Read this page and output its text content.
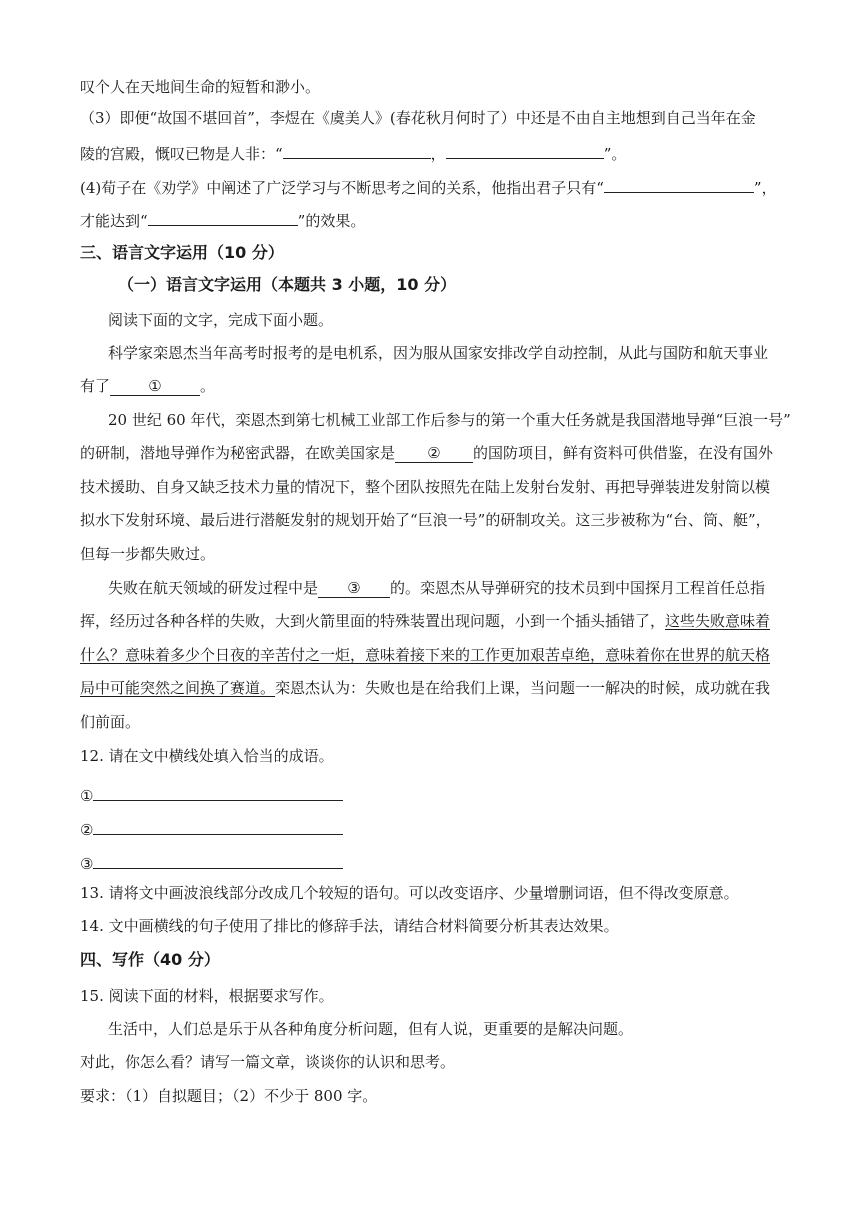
叹个人在天地间生命的短暂和渺小。
（3）即便“故国不堪回首”，李煜在《虞美人》(春花秋月何时了）中还是不由自主地想到自己当年在金
陵的宫殿，慨叹已物是人非：“	，	”。
(4)荀子在《劝学》中阐述了广泛学习与不断思考之间的关系，他指出君子只有“	”，
才能达到“	”的效果。
三、语言文字运用（10 分）
（一）语言文字运用（本题共 3 小题，10 分）
阅读下面的文字，完成下面小题。
科学家栾恩杰当年高考时报考的是电机系，因为服从国家安排改学自动控制，从此与国防和航天事业
有了	①	。
20 世纪 60 年代，栾恩杰到第七机械工业部工作后参与的第一个重大任务就是我国潜地导弹“巨浪一号”
的研制，潜地导弹作为秘密武器，在欧美国家是 ② 的国防项目，鲜有资料可供借鉴，在没有国外
技术援助、自身又缺乏技术力量的情况下，整个团队按照先在陆上发射台发射、再把导弹装进发射筒以模
拟水下发射环境、最后进行潜艇发射的规划开始了“巨浪一号”的研制攻关。这三步被称为“台、筒、艇”，
但每一步都失败过。
失败在航天领域的研发过程中是 ③ 的。栾恩杰从导弹研究的技术员到中国探月工程首任总指
挥，经历过各种各样的失败，大到火箭里面的特殊装置出现问题，小到一个插头插错了，这些失败意味着
什么？意味着多少个日夜的辛苦付之一炬，意味着接下来的工作更加艰苦卓绝，意味着你在世界的航天格
局中可能突然之间换了赛道。栾恩杰认为：失败也是在给我们上课，当问题一一解决的时候，成功就在我
们前面。
12. 请在文中横线处填入恰当的成语。
①
②
③
13. 请将文中画波浪线部分改成几个较短的语句。可以改变语序、少量增删词语，但不得改变原意。
14. 文中画横线的句子使用了排比的修辞手法，请结合材料简要分析其表达效果。
四、写作（40 分）
15. 阅读下面的材料，根据要求写作。
生活中，人们总是乐于从各种角度分析问题，但有人说，更重要的是解决问题。
对此，你怎么看？请写一篇文章，谈谈你的认识和思考。
要求：（1）自拟题目；（2）不少于 800 字。
